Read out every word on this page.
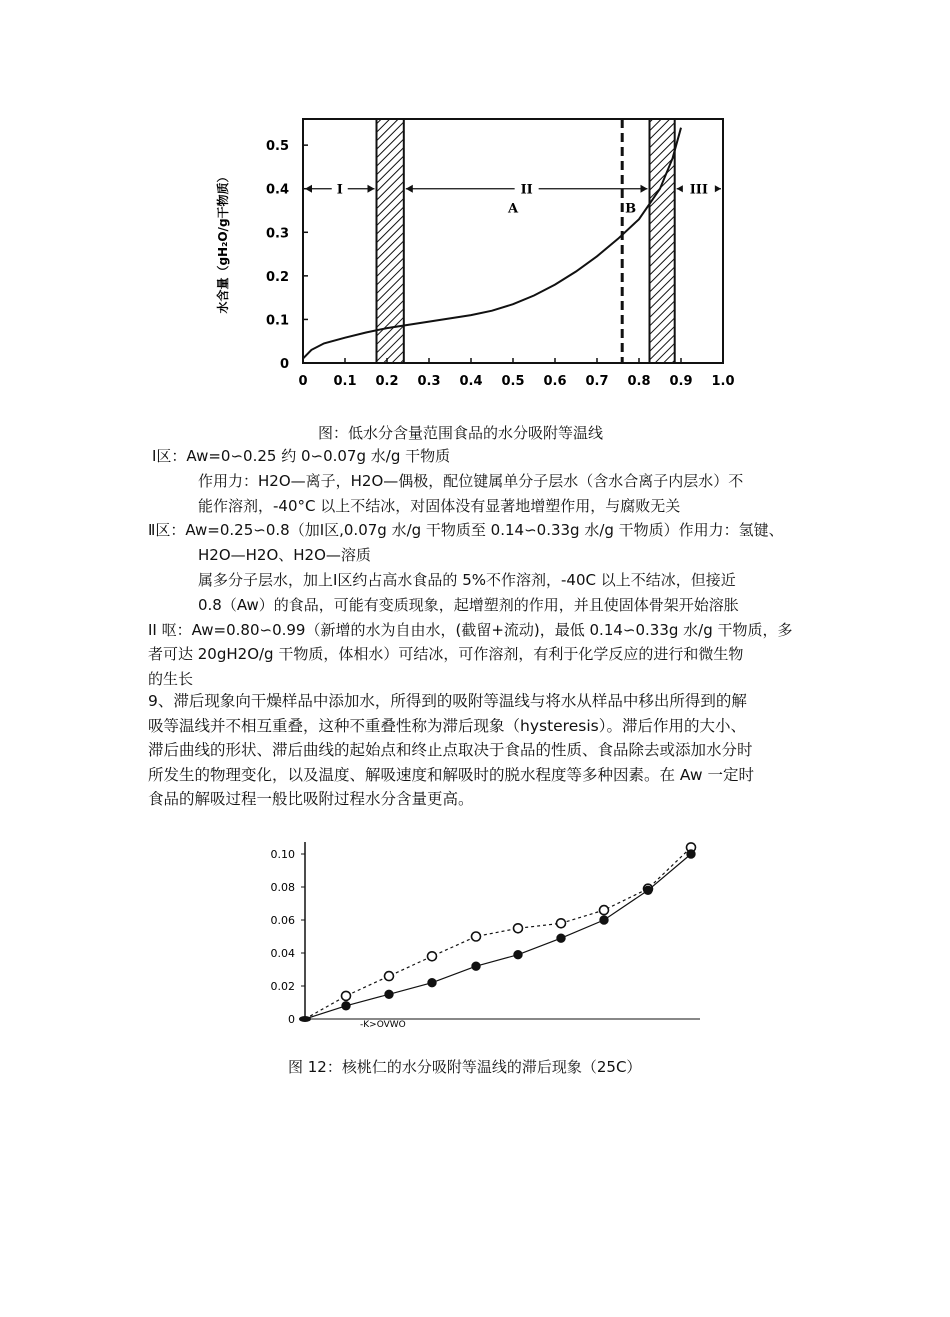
水含量（gH₂O/g干物质）
0 0.1 0.2 0.3 0.4 0.5 0.6 0.7 0.8 0.9 1.0
0
0.1
0.2
0.3
0.4
0.5
I	II	III
A	B
图：低水分含量范围食品的水分吸附等温线
Ⅰ区：Aw=0∽0.25 约 0∽0.07g 水/g 干物质
作用力：H2O—离子，H2O—偶极，配位键属单分子层水（含水合离子内层水）不
能作溶剂，-40°C 以上不结冰，对固体没有显著地增塑作用，与腐败无关
Ⅱ区：Aw=0.25∽0.8（加Ⅰ区,0.07g 水/g 干物质至 0.14∽0.33g 水/g 干物质）作用力：氢键、
H2O—H2O、H2O—溶质
属多分子层水，加上Ⅰ区约占高水食品的 5%不作溶剂，-40C 以上不结冰，但接近
0.8（Aw）的食品，可能有变质现象，起增塑剂的作用，并且使固体骨架开始溶胀
II 呕：Aw=0.80∽0.99（新增的水为自由水，(截留+流动)，最低 0.14∽0.33g 水/g 干物质，多
者可达 20gH2O/g 干物质，体相水）可结冰，可作溶剂，有利于化学反应的进行和微生物
的生长
9、滞后现象向干燥样品中添加水，所得到的吸附等温线与将水从样品中移出所得到的解
吸等温线并不相互重叠，这种不重叠性称为滞后现象（hysteresis）。滞后作用的大小、
滞后曲线的形状、滞后曲线的起始点和终止点取决于食品的性质、食品除去或添加水分时
所发生的物理变化，以及温度、解吸速度和解吸时的脱水程度等多种因素。在 Aw 一定时
食品的解吸过程一般比吸附过程水分含量更高。
0
0.02
0.04
0.06
0.08
0.10
-K>OVWO
图 12：核桃仁的水分吸附等温线的滞后现象（25C）
